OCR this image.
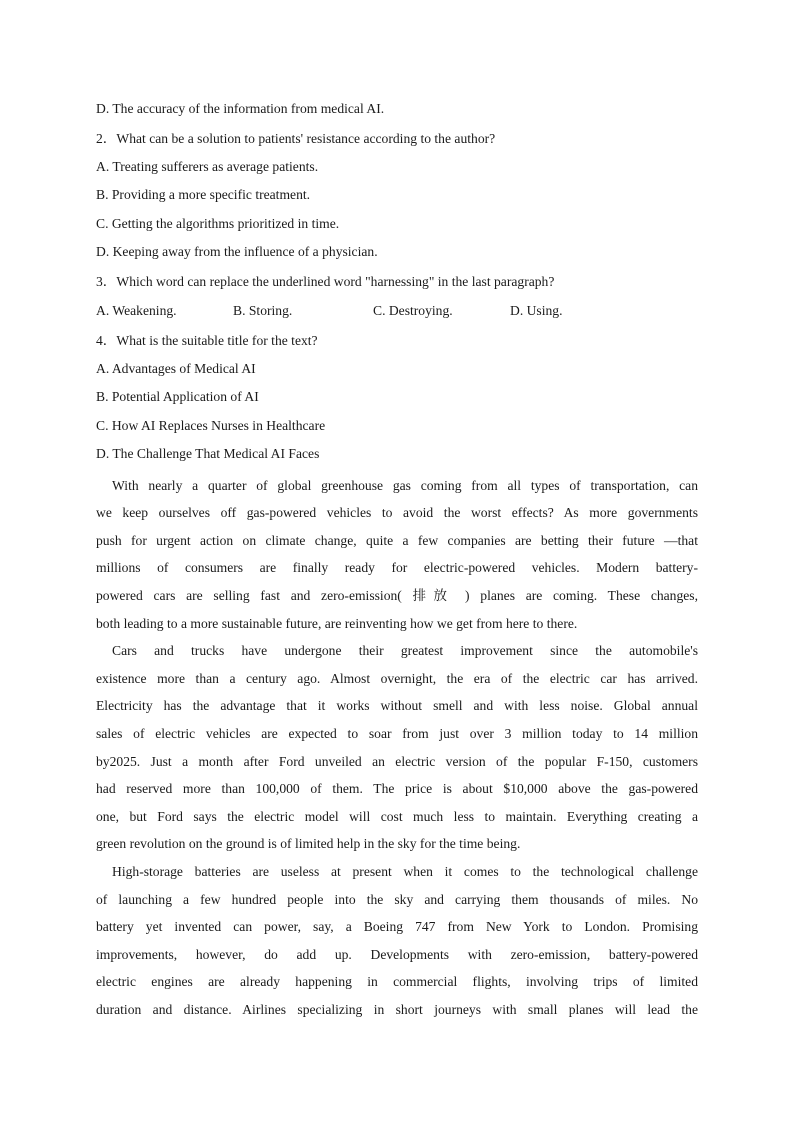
D. The accuracy of the information from medical AI.
2．What can be a solution to patients' resistance according to the author?
A. Treating sufferers as average patients.
B. Providing a more specific treatment.
C. Getting the algorithms prioritized in time.
D. Keeping away from the influence of a physician.
3．Which word can replace the underlined word "harnessing" in the last paragraph?
A. Weakening.	B. Storing.	C. Destroying.	D. Using.
4．What is the suitable title for the text?
A. Advantages of Medical AI
B. Potential Application of AI
C. How AI Replaces Nurses in Healthcare
D. The Challenge That Medical AI Faces
With nearly a quarter of global greenhouse gas coming from all types of transportation, can
we keep ourselves off gas-powered vehicles to avoid the worst effects? As more governments
push for urgent action on climate change, quite a few companies are betting their future —that
millions of consumers are finally ready for electric-powered vehicles. Modern battery-
powered cars are selling fast and zero-emission( 排放 ) planes are coming. These changes,
both leading to a more sustainable future, are reinventing how we get from here to there.
Cars and trucks have undergone their greatest improvement since the automobile's
existence more than a century ago. Almost overnight, the era of the electric car has arrived.
Electricity has the advantage that it works without smell and with less noise. Global annual
sales of electric vehicles are expected to soar from just over 3 million today to 14 million
by2025. Just a month after Ford unveiled an electric version of the popular F-150, customers
had reserved more than 100,000 of them. The price is about $10,000 above the gas-powered
one, but Ford says the electric model will cost much less to maintain. Everything creating a
green revolution on the ground is of limited help in the sky for the time being.
High-storage batteries are useless at present when it comes to the technological challenge
of launching a few hundred people into the sky and carrying them thousands of miles. No
battery yet invented can power, say, a Boeing 747 from New York to London. Promising
improvements, however, do add up. Developments with zero-emission, battery-powered
electric engines are already happening in commercial flights, involving trips of limited
duration and distance. Airlines specializing in short journeys with small planes will lead the
